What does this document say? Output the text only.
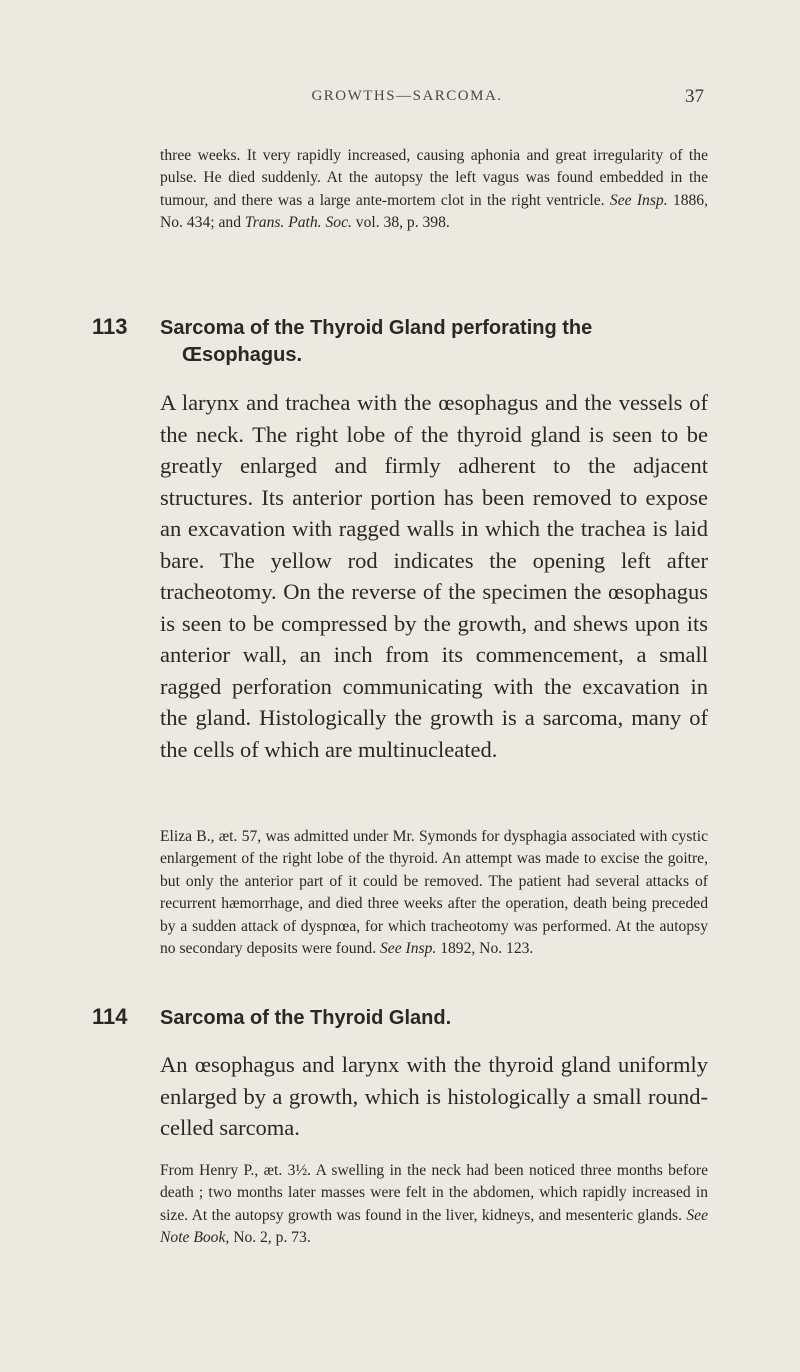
GROWTHS—SARCOMA.	37

three weeks. It very rapidly increased, causing aphonia and great irregularity of the pulse. He died suddenly. At the autopsy the left vagus was found embedded in the tumour, and there was a large ante-mortem clot in the right ventricle. See Insp. 1886, No. 434; and Trans. Path. Soc. vol. 38, p. 398.

113 Sarcoma of the Thyroid Gland perforating the
Œsophagus.

A larynx and trachea with the œsophagus and the vessels of the neck. The right lobe of the thyroid gland is seen to be greatly enlarged and firmly adherent to the adjacent structures. Its anterior portion has been removed to expose an excavation with ragged walls in which the trachea is laid bare. The yellow rod indicates the opening left after tracheotomy. On the reverse of the specimen the œsophagus is seen to be compressed by the growth, and shews upon its anterior wall, an inch from its commencement, a small ragged perforation communicating with the excavation in the gland. Histologically the growth is a sarcoma, many of the cells of which are multinucleated.

Eliza B., æt. 57, was admitted under Mr. Symonds for dysphagia associated with cystic enlargement of the right lobe of the thyroid. An attempt was made to excise the goitre, but only the anterior part of it could be removed. The patient had several attacks of recurrent hæmorrhage, and died three weeks after the operation, death being preceded by a sudden attack of dyspnœa, for which tracheotomy was performed. At the autopsy no secondary deposits were found. See Insp. 1892, No. 123.

114 Sarcoma of the Thyroid Gland.

An œsophagus and larynx with the thyroid gland uniformly enlarged by a growth, which is histologically a small round-celled sarcoma.

From Henry P., æt. 3½. A swelling in the neck had been noticed three months before death ; two months later masses were felt in the abdomen, which rapidly increased in size. At the autopsy growth was found in the liver, kidneys, and mesenteric glands. See Note Book, No. 2, p. 73.
